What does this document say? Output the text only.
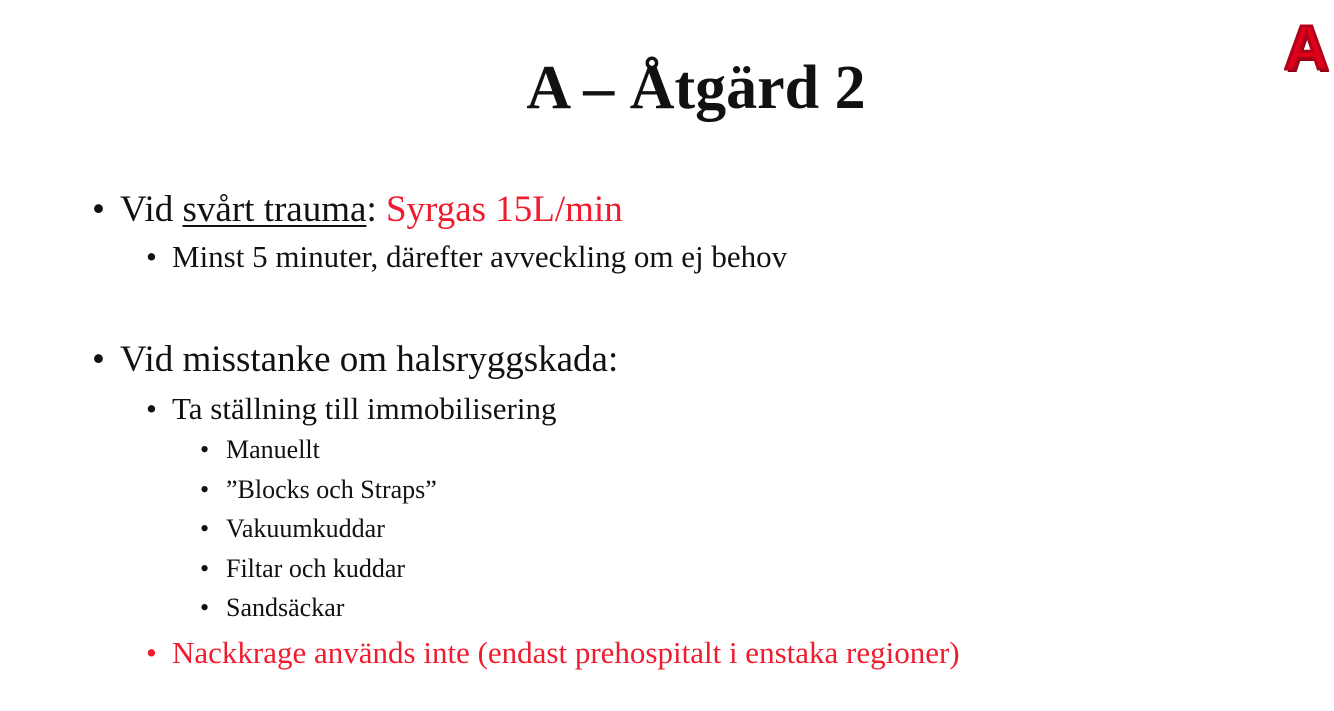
A – Åtgärd 2
A
• Vid svårt trauma: Syrgas 15L/min
• Minst 5 minuter, därefter avveckling om ej behov
• Vid misstanke om halsryggskada:
• Ta ställning till immobilisering
• Manuellt
• ”Blocks och Straps”
• Vakuumkuddar
• Filtar och kuddar
• Sandsäckar
• Nackkrage används inte (endast prehospitalt i enstaka regioner)
